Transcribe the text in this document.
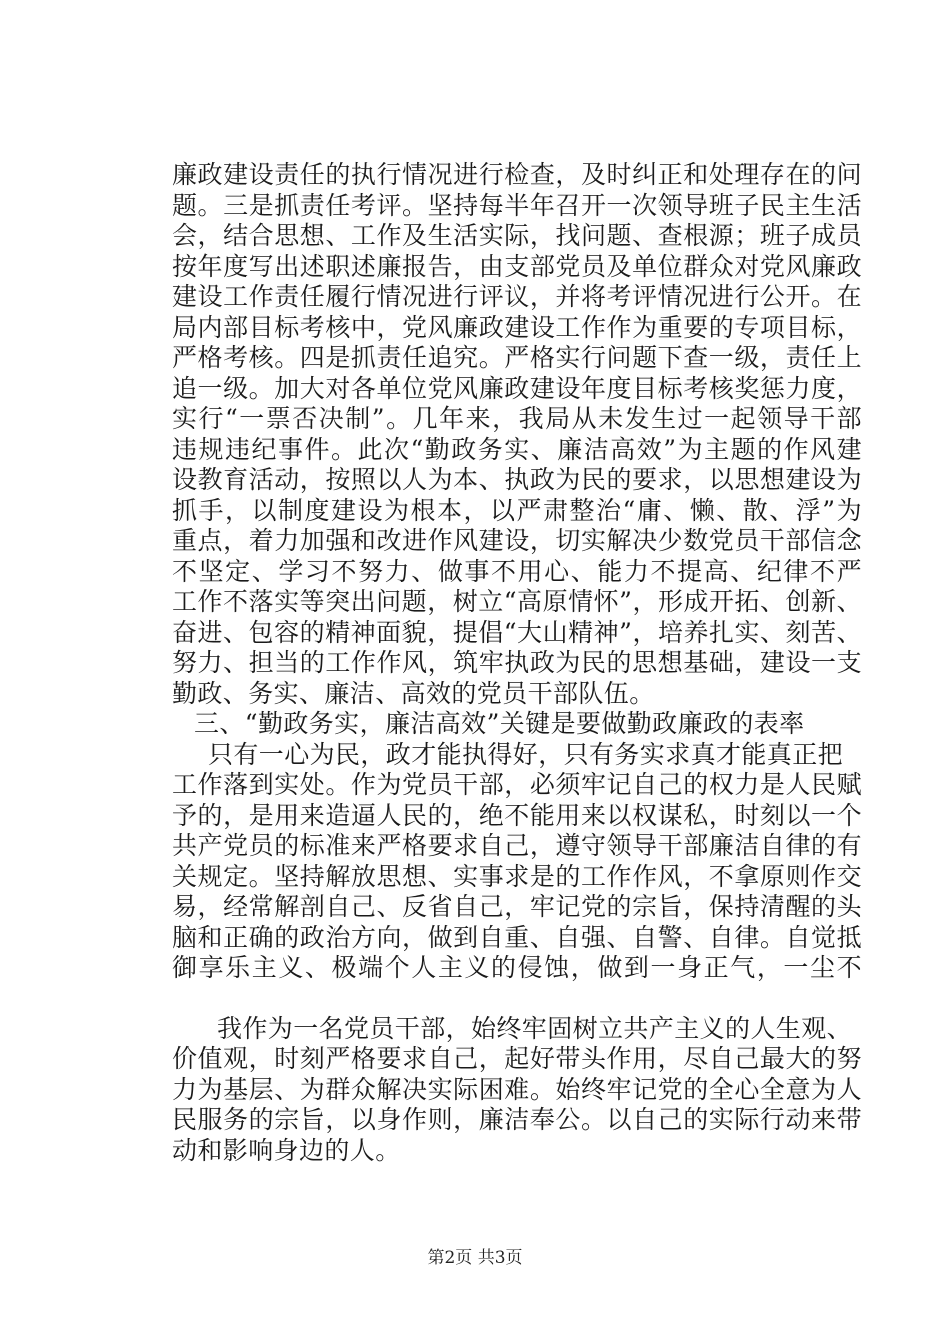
廉政建设责任的执行情况进行检查，及时纠正和处理存在的问
题。三是抓责任考评。坚持每半年召开一次领导班子民主生活
会，结合思想、工作及生活实际，找问题、查根源；班子成员
按年度写出述职述廉报告，由支部党员及单位群众对党风廉政
建设工作责任履行情况进行评议，并将考评情况进行公开。在
局内部目标考核中，党风廉政建设工作作为重要的专项目标，
严格考核。四是抓责任追究。严格实行问题下查一级，责任上
追一级。加大对各单位党风廉政建设年度目标考核奖惩力度，
实行“一票否决制”。几年来，我局从未发生过一起领导干部
违规违纪事件。此次“勤政务实、廉洁高效”为主题的作风建
设教育活动，按照以人为本、执政为民的要求，以思想建设为
抓手，以制度建设为根本，以严肃整治“庸、懒、散、浮”为
重点，着力加强和改进作风建设，切实解决少数党员干部信念
不坚定、学习不努力、做事不用心、能力不提高、纪律不严
工作不落实等突出问题，树立“高原情怀”，形成开拓、创新、
奋进、包容的精神面貌，提倡“大山精神”，培养扎实、刻苦、
努力、担当的工作作风，筑牢执政为民的思想基础，建设一支
勤政、务实、廉洁、高效的党员干部队伍。
三、“勤政务实，廉洁高效”关键是要做勤政廉政的表率
只有一心为民，政才能执得好，只有务实求真才能真正把
工作落到实处。作为党员干部，必须牢记自己的权力是人民赋
予的，是用来造逼人民的，绝不能用来以权谋私，时刻以一个
共产党员的标准来严格要求自己，遵守领导干部廉洁自律的有
关规定。坚持解放思想、实事求是的工作作风，不拿原则作交
易，经常解剖自己、反省自己，牢记党的宗旨，保持清醒的头
脑和正确的政治方向，做到自重、自强、自警、自律。自觉抵
御享乐主义、极端个人主义的侵蚀，做到一身正气，一尘不
我作为一名党员干部，始终牢固树立共产主义的人生观、
价值观，时刻严格要求自己，起好带头作用，尽自己最大的努
力为基层、为群众解决实际困难。始终牢记党的全心全意为人
民服务的宗旨，以身作则，廉洁奉公。以自己的实际行动来带
动和影响身边的人。
第2页 共3页
